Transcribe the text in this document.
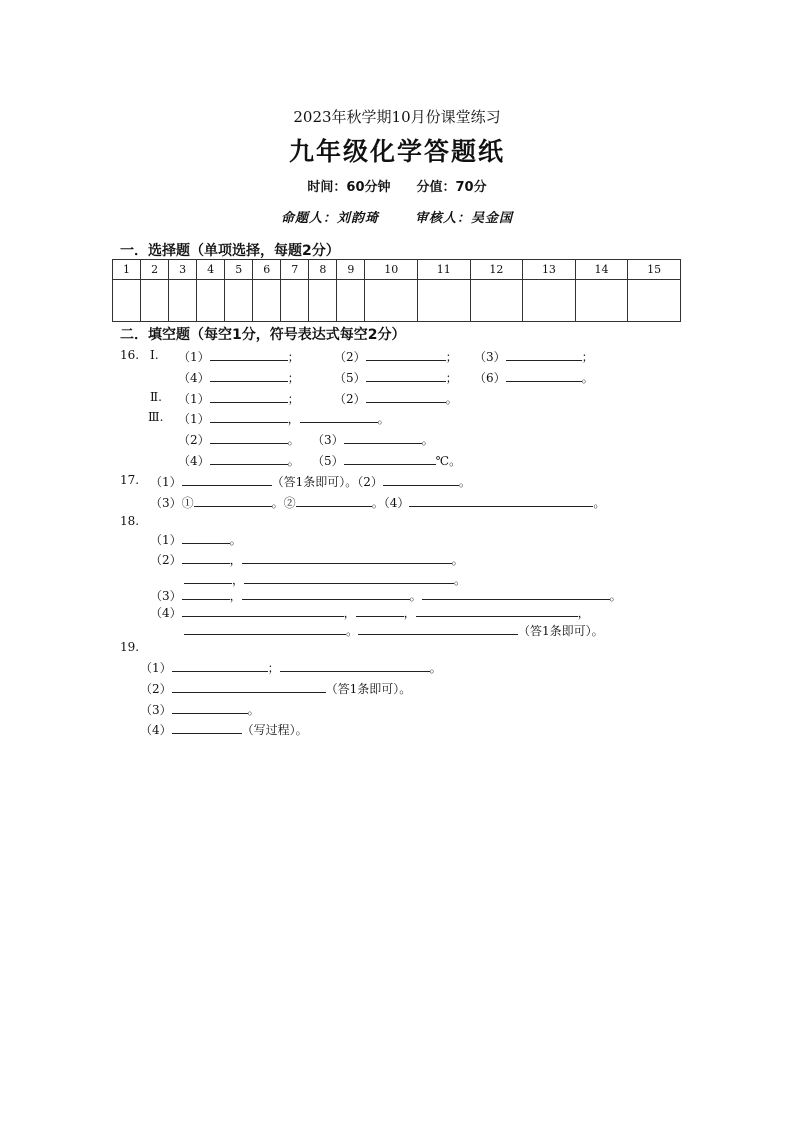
2023年秋学期10月份课堂练习
九年级化学答题纸
时间：60分钟 分值：70分
命题人：刘韵琦	审核人：吴金国
一．选择题（单项选择，每题2分）
1	2	3	4	5	6	7	8	9	10	11	12	13	14	15

二．填空题（每空1分，符号表达式每空2分）
16. Ⅰ. （1）	；	（2）	； （3）	；
（4）	；	（5）	； （6）	。
Ⅱ. （1）	；	（2）	。
Ⅲ. （1）	，	。
（2）	。 （3）	。
（4）	。 （5）	℃。
17. （1）	（答1条即可）。（2）	。
（3）①	。②	。（4）	。
18.
（1）	。
（2）	，	。
，	。
（3）	，	。	。
（4）	，	，	，
。	（答1条即可）。
19.
（1）	；	。
（2）	（答1条即可）。
（3）	。
（4）	（写过程）。
